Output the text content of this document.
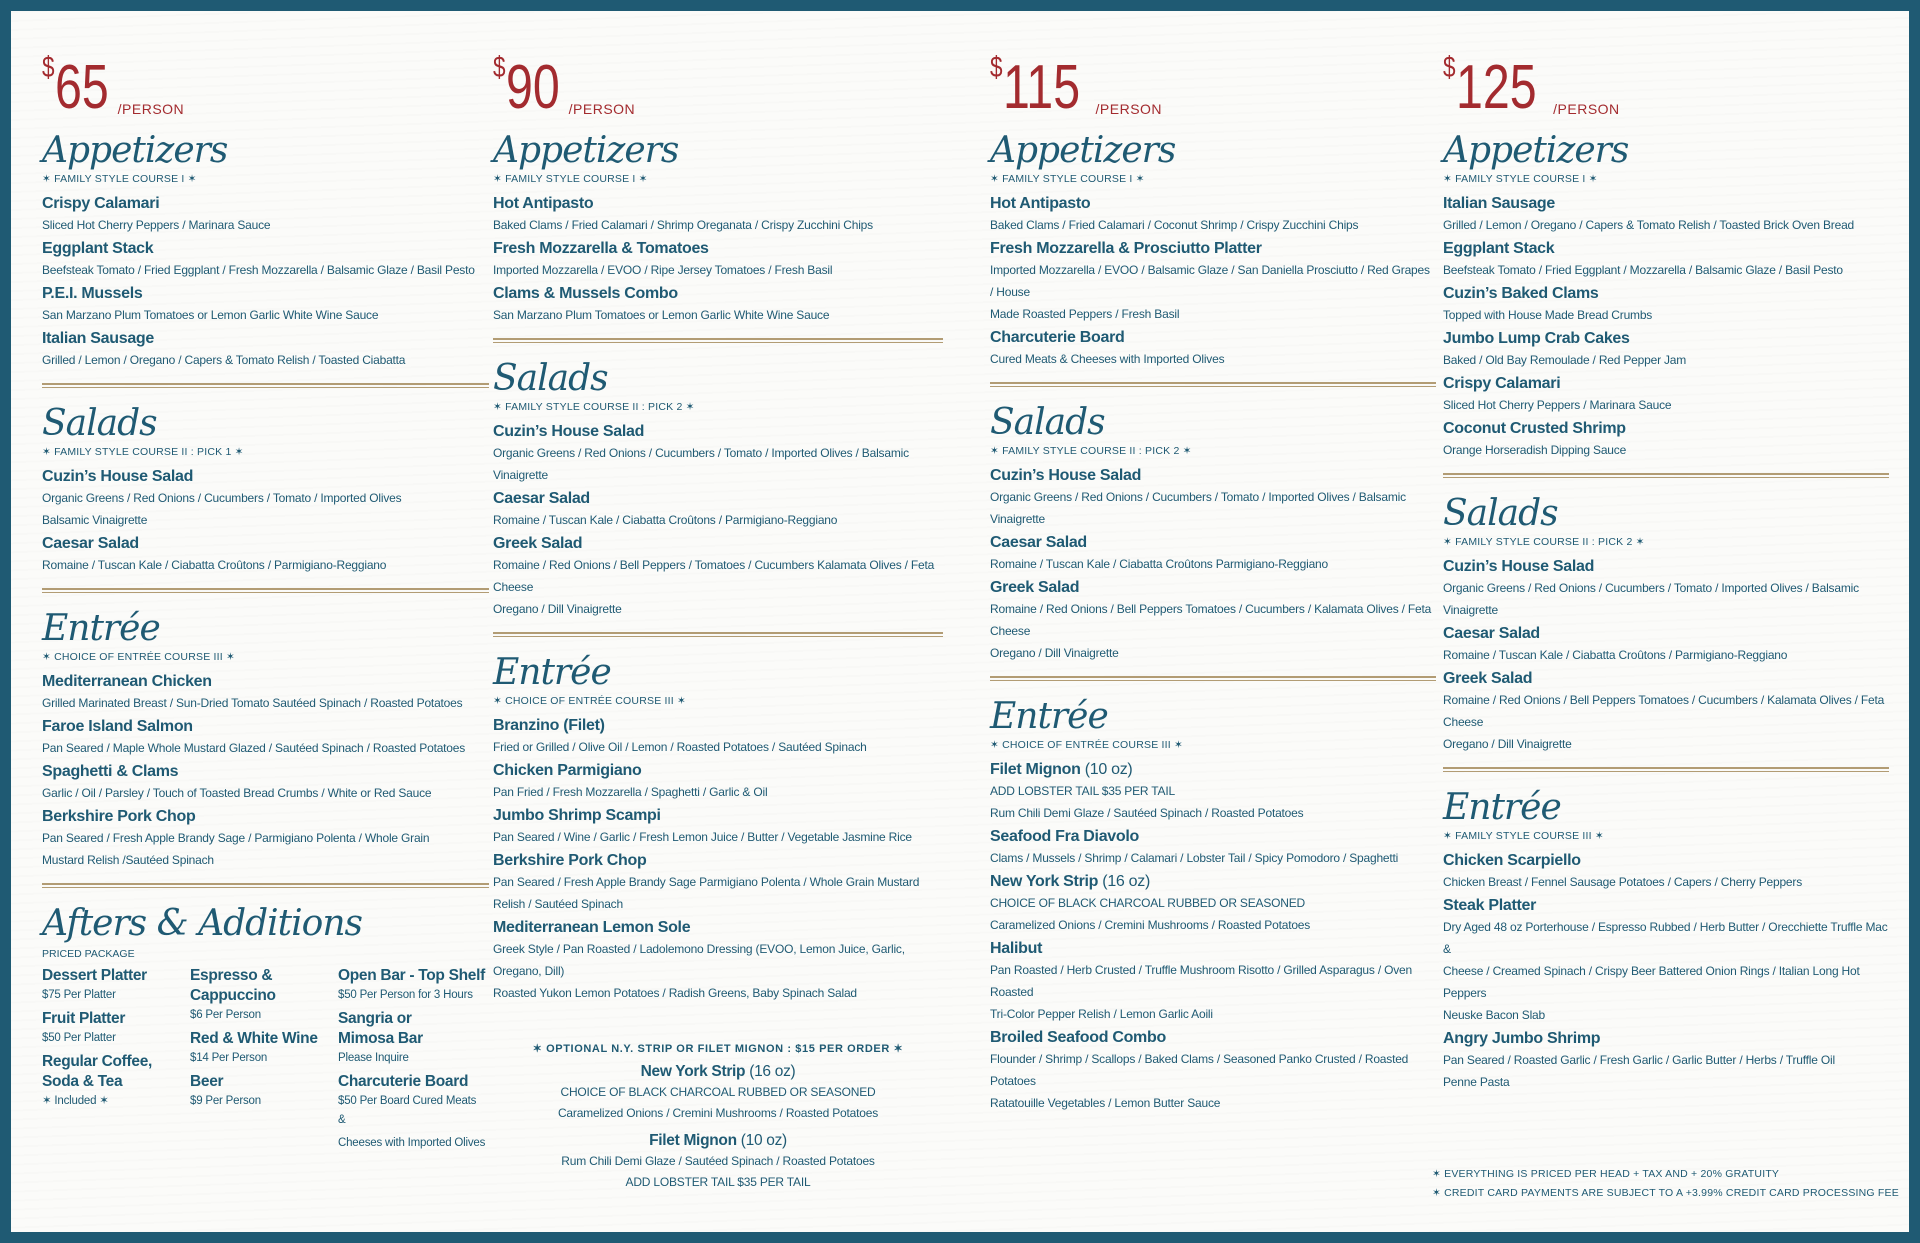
$ 65 /PERSON
Appetizers
✶ FAMILY STYLE COURSE I ✶
Crispy Calamari
Sliced Hot Cherry Peppers / Marinara Sauce
Eggplant Stack
Beefsteak Tomato / Fried Eggplant / Fresh Mozzarella / Balsamic Glaze / Basil Pesto
P.E.I. Mussels
San Marzano Plum Tomatoes or Lemon Garlic White Wine Sauce
Italian Sausage
Grilled / Lemon / Oregano / Capers & Tomato Relish / Toasted Ciabatta
Salads
✶ FAMILY STYLE COURSE II : PICK 1 ✶
Cuzin’s House Salad
Organic Greens / Red Onions / Cucumbers / Tomato / Imported Olives
Balsamic Vinaigrette
Caesar Salad
Romaine / Tuscan Kale / Ciabatta Croûtons / Parmigiano-Reggiano
Entrée
✶ CHOICE OF ENTRÉE COURSE III ✶
Mediterranean Chicken
Grilled Marinated Breast / Sun-Dried Tomato Sautéed Spinach / Roasted Potatoes
Faroe Island Salmon
Pan Seared / Maple Whole Mustard Glazed / Sautéed Spinach / Roasted Potatoes
Spaghetti & Clams
Garlic / Oil / Parsley / Touch of Toasted Bread Crumbs / White or Red Sauce
Berkshire Pork Chop
Pan Seared / Fresh Apple Brandy Sage / Parmigiano Polenta / Whole Grain
Mustard Relish /Sautéed Spinach
Afters & Additions
PRICED PACKAGE
Dessert Platter
$75 Per Platter
Fruit Platter
$50 Per Platter
Regular Coffee,
Soda & Tea
✶ Included ✶
Espresso &
Cappuccino
$6 Per Person
Red & White Wine
$14 Per Person
Beer
$9 Per Person
Open Bar - Top Shelf
$50 Per Person for 3 Hours
Sangria or
Mimosa Bar
Please Inquire
Charcuterie Board
$50 Per Board Cured Meats &
Cheeses with Imported Olives
$ 90 /PERSON
Appetizers
✶ FAMILY STYLE COURSE I ✶
Hot Antipasto
Baked Clams / Fried Calamari / Shrimp Oreganata / Crispy Zucchini Chips
Fresh Mozzarella & Tomatoes
Imported Mozzarella / EVOO / Ripe Jersey Tomatoes / Fresh Basil
Clams & Mussels Combo
San Marzano Plum Tomatoes or Lemon Garlic White Wine Sauce
Salads
✶ FAMILY STYLE COURSE II : PICK 2 ✶
Cuzin’s House Salad
Organic Greens / Red Onions / Cucumbers / Tomato / Imported Olives / Balsamic Vinaigrette
Caesar Salad
Romaine / Tuscan Kale / Ciabatta Croûtons / Parmigiano-Reggiano
Greek Salad
Romaine / Red Onions / Bell Peppers / Tomatoes / Cucumbers Kalamata Olives / Feta Cheese
Oregano / Dill Vinaigrette
Entrée
✶ CHOICE OF ENTRÉE COURSE III ✶
Branzino (Filet)
Fried or Grilled / Olive Oil / Lemon / Roasted Potatoes / Sautéed Spinach
Chicken Parmigiano
Pan Fried / Fresh Mozzarella / Spaghetti / Garlic & Oil
Jumbo Shrimp Scampi
Pan Seared / Wine / Garlic / Fresh Lemon Juice / Butter / Vegetable Jasmine Rice
Berkshire Pork Chop
Pan Seared / Fresh Apple Brandy Sage Parmigiano Polenta / Whole Grain Mustard
Relish / Sautéed Spinach
Mediterranean Lemon Sole
Greek Style / Pan Roasted / Ladolemono Dressing (EVOO, Lemon Juice, Garlic, Oregano, Dill)
Roasted Yukon Lemon Potatoes / Radish Greens, Baby Spinach Salad
✶ OPTIONAL N.Y. STRIP OR FILET MIGNON : $15 PER ORDER ✶
New York Strip (16 oz)
CHOICE OF BLACK CHARCOAL RUBBED OR SEASONED
Caramelized Onions / Cremini Mushrooms / Roasted Potatoes
Filet Mignon (10 oz)
Rum Chili Demi Glaze / Sautéed Spinach / Roasted Potatoes
ADD LOBSTER TAIL $35 PER TAIL
$ 115 /PERSON
Appetizers
✶ FAMILY STYLE COURSE I ✶
Hot Antipasto
Baked Clams / Fried Calamari / Coconut Shrimp / Crispy Zucchini Chips
Fresh Mozzarella & Prosciutto Platter
Imported Mozzarella / EVOO / Balsamic Glaze / San Daniella Prosciutto / Red Grapes / House
Made Roasted Peppers / Fresh Basil
Charcuterie Board
Cured Meats & Cheeses with Imported Olives
Salads
✶ FAMILY STYLE COURSE II : PICK 2 ✶
Cuzin’s House Salad
Organic Greens / Red Onions / Cucumbers / Tomato / Imported Olives / Balsamic Vinaigrette
Caesar Salad
Romaine / Tuscan Kale / Ciabatta Croûtons Parmigiano-Reggiano
Greek Salad
Romaine / Red Onions / Bell Peppers Tomatoes / Cucumbers / Kalamata Olives / Feta Cheese
Oregano / Dill Vinaigrette
Entrée
✶ CHOICE OF ENTRÉE COURSE III ✶
Filet Mignon (10 oz)
ADD LOBSTER TAIL $35 PER TAIL
Rum Chili Demi Glaze / Sautéed Spinach / Roasted Potatoes
Seafood Fra Diavolo
Clams / Mussels / Shrimp / Calamari / Lobster Tail / Spicy Pomodoro / Spaghetti
New York Strip (16 oz)
CHOICE OF BLACK CHARCOAL RUBBED OR SEASONED
Caramelized Onions / Cremini Mushrooms / Roasted Potatoes
Halibut
Pan Roasted / Herb Crusted / Truffle Mushroom Risotto / Grilled Asparagus / Oven Roasted
Tri-Color Pepper Relish / Lemon Garlic Aoili
Broiled Seafood Combo
Flounder / Shrimp / Scallops / Baked Clams / Seasoned Panko Crusted / Roasted Potatoes
Ratatouille Vegetables / Lemon Butter Sauce
$ 125 /PERSON
Appetizers
✶ FAMILY STYLE COURSE I ✶
Italian Sausage
Grilled / Lemon / Oregano / Capers & Tomato Relish / Toasted Brick Oven Bread
Eggplant Stack
Beefsteak Tomato / Fried Eggplant / Mozzarella / Balsamic Glaze / Basil Pesto
Cuzin’s Baked Clams
Topped with House Made Bread Crumbs
Jumbo Lump Crab Cakes
Baked / Old Bay Remoulade / Red Pepper Jam
Crispy Calamari
Sliced Hot Cherry Peppers / Marinara Sauce
Coconut Crusted Shrimp
Orange Horseradish Dipping Sauce
Salads
✶ FAMILY STYLE COURSE II : PICK 2 ✶
Cuzin’s House Salad
Organic Greens / Red Onions / Cucumbers / Tomato / Imported Olives / Balsamic Vinaigrette
Caesar Salad
Romaine / Tuscan Kale / Ciabatta Croûtons / Parmigiano-Reggiano
Greek Salad
Romaine / Red Onions / Bell Peppers Tomatoes / Cucumbers / Kalamata Olives / Feta Cheese
Oregano / Dill Vinaigrette
Entrée
✶ FAMILY STYLE COURSE III ✶
Chicken Scarpiello
Chicken Breast / Fennel Sausage Potatoes / Capers / Cherry Peppers
Steak Platter
Dry Aged 48 oz Porterhouse / Espresso Rubbed / Herb Butter / Orecchiette Truffle Mac &
Cheese / Creamed Spinach / Crispy Beer Battered Onion Rings / Italian Long Hot Peppers
Neuske Bacon Slab
Angry Jumbo Shrimp
Pan Seared / Roasted Garlic / Fresh Garlic / Garlic Butter / Herbs / Truffle Oil
Penne Pasta
✶ EVERYTHING IS PRICED PER HEAD + TAX AND + 20% GRATUITY
✶ CREDIT CARD PAYMENTS ARE SUBJECT TO A +3.99% CREDIT CARD PROCESSING FEE
